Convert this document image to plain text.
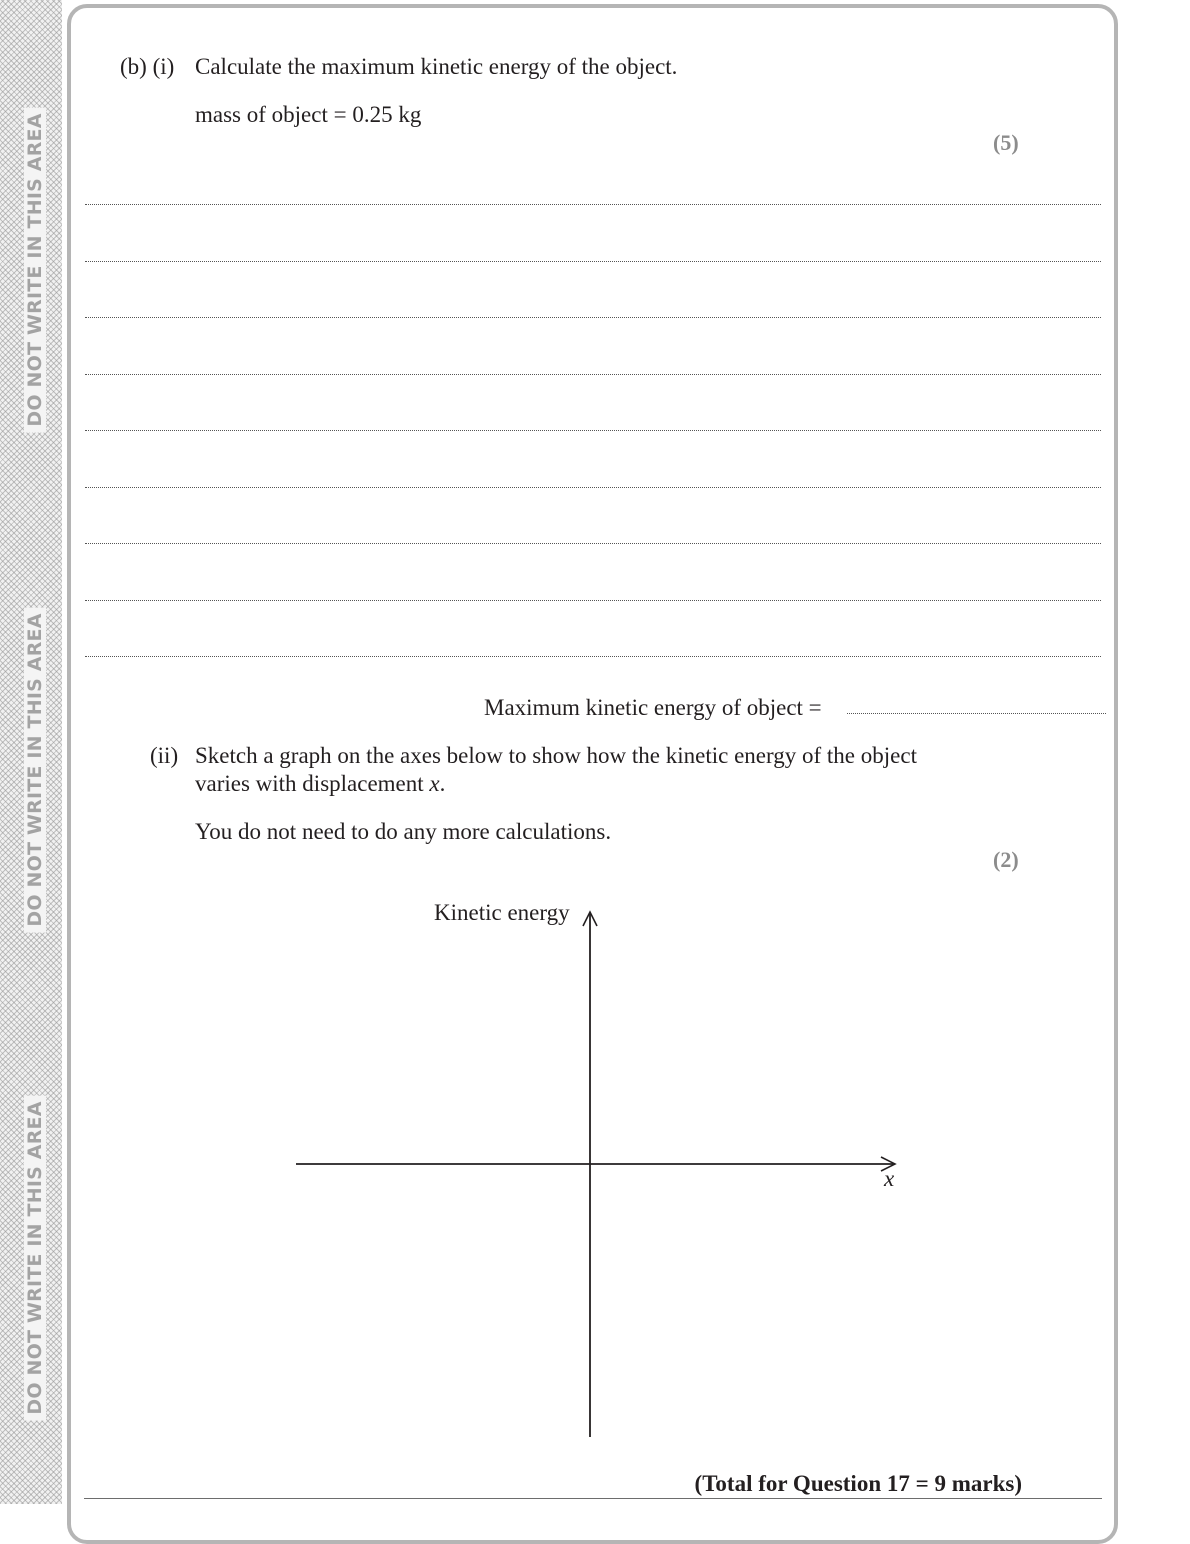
DO NOT WRITE IN THIS AREA
DO NOT WRITE IN THIS AREA
DO NOT WRITE IN THIS AREA
(b) (i) Calculate the maximum kinetic energy of the object.
mass of object = 0.25 kg
(5)
Maximum kinetic energy of object =
(ii) Sketch a graph on the axes below to show how the kinetic energy of the object
varies with displacement x.
You do not need to do any more calculations.
(2)
Kinetic energy
x
(Total for Question 17 = 9 marks)
